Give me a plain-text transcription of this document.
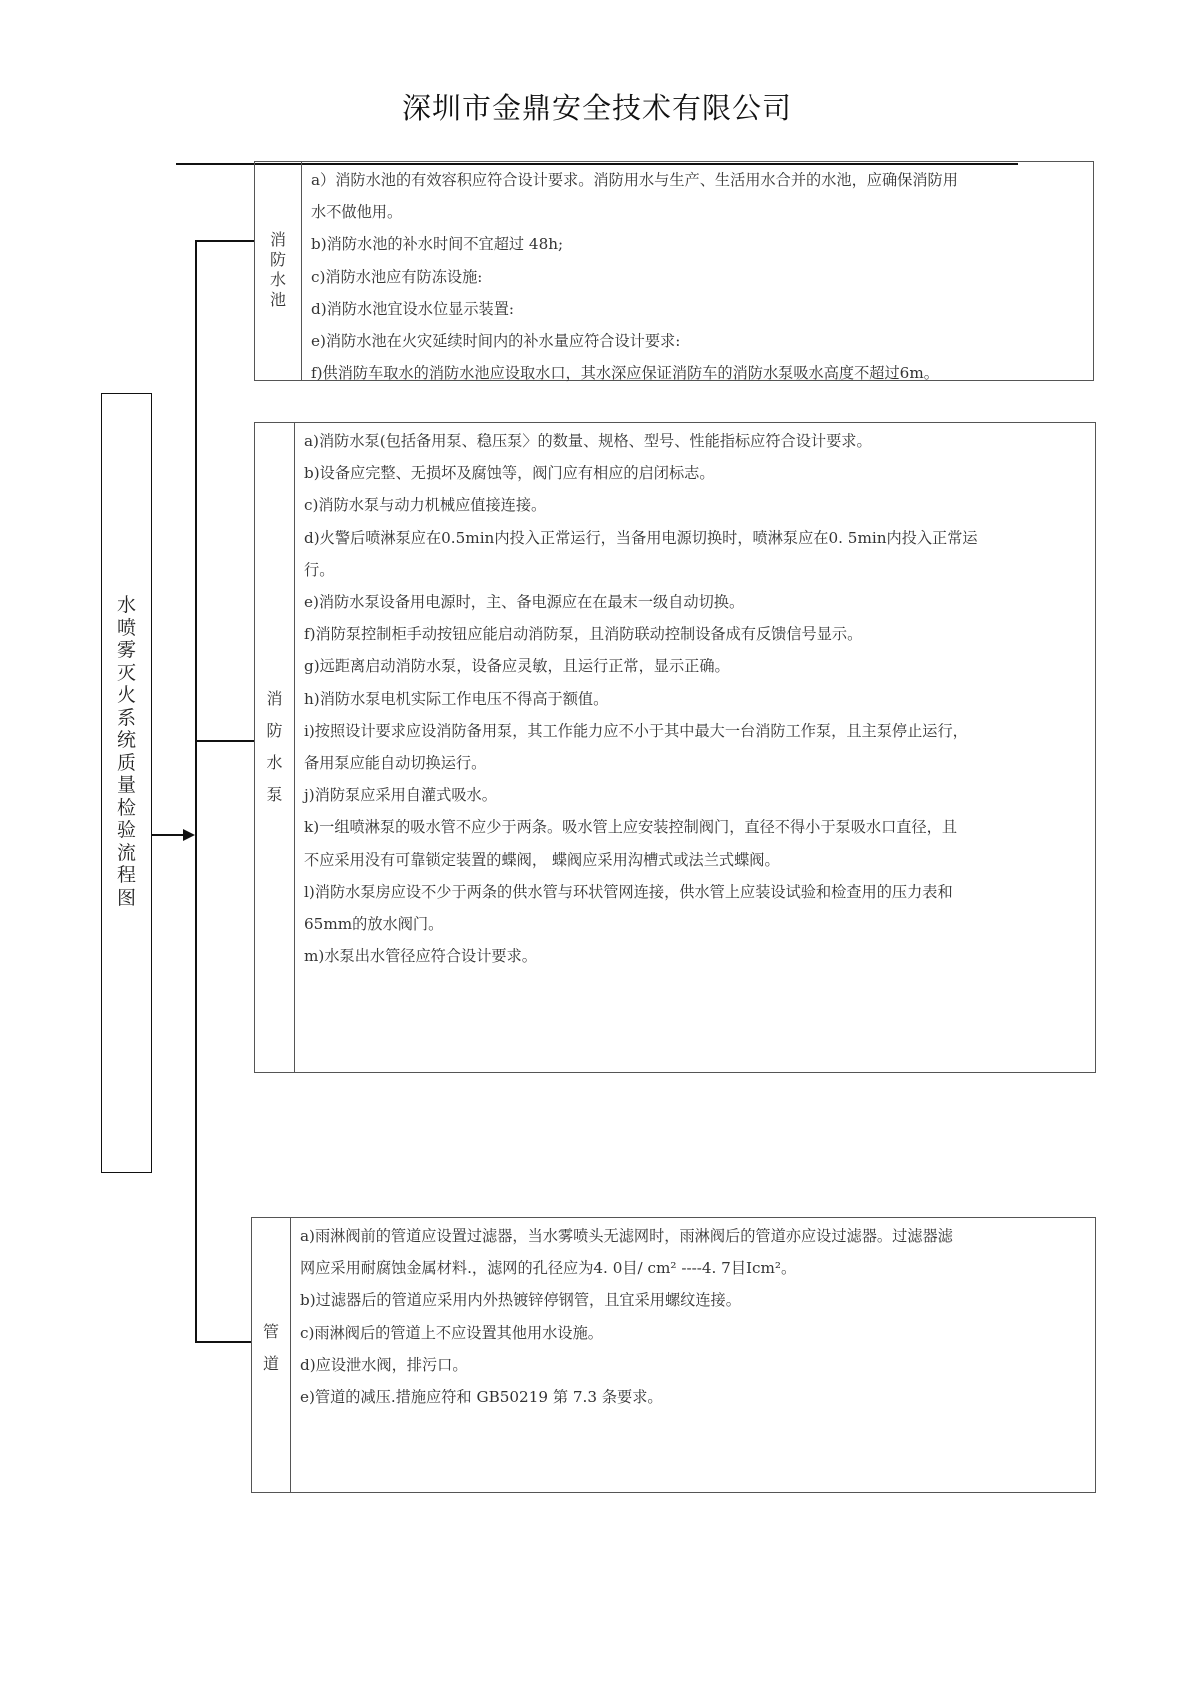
深圳市金鼎安全技术有限公司
水
喷
雾
灭
火
系
统
质
量
检
验
流
程
图
消
防
水
池
a）消防水池的有效容积应符合设计要求。消防用水与生产、生活用水合并的水池，应确保消防用
水不做他用。
b)消防水池的补水时间不宜超过 48h;
c)消防水池应有防冻设施:
d)消防水池宜设水位显示装置:
e)消防水池在火灾延续时间内的补水量应符合设计要求:
f)供消防车取水的消防水池应设取水口，其水深应保证消防车的消防水泵吸水高度不超过6m。
消
防
水
泵
a)消防水泵(包括备用泵、稳压泵〉的数量、规格、型号、性能指标应符合设计要求。
b)设备应完整、无损坏及腐蚀等，阀门应有相应的启闭标志。
c)消防水泵与动力机械应值接连接。
d)火警后喷淋泵应在0.5min内投入正常运行，当备用电源切换时，喷淋泵应在0. 5min内投入正常运
行。
e)消防水泵设备用电源时，主、备电源应在在最末一级自动切换。
f)消防泵控制柜手动按钮应能启动消防泵，且消防联动控制设备成有反馈信号显示。
g)远距离启动消防水泵，设备应灵敏，且运行正常，显示正确。
h)消防水泵电机实际工作电压不得高于额值。
i)按照设计要求应设消防备用泵，其工作能力应不小于其中最大一台消防工作泵，且主泵停止运行，
备用泵应能自动切换运行。
j)消防泵应采用自灌式吸水。
k)一组喷淋泵的吸水管不应少于两条。吸水管上应安装控制阀门，直径不得小于泵吸水口直径，且
不应采用没有可靠锁定装置的蝶阀， 蝶阀应采用沟槽式或法兰式蝶阀。
l)消防水泵房应设不少于两条的供水管与环状管网连接，供水管上应装设试验和检查用的压力表和
65mm的放水阀门。
m)水泵出水管径应符合设计要求。
管
道
a)雨淋阀前的管道应设置过滤器，当水雾喷头无滤网时，雨淋阀后的管道亦应设过滤器。过滤器滤
网应采用耐腐蚀金属材料.，滤网的孔径应为4. 0目/ cm² ----4. 7目Icm²。
b)过滤器后的管道应采用内外热镀锌停钢管，且宜采用螺纹连接。
c)雨淋阀后的管道上不应设置其他用水设施。
d)应设泄水阀，排污口。
e)管道的减压.措施应符和 GB50219 第 7.3 条要求。
